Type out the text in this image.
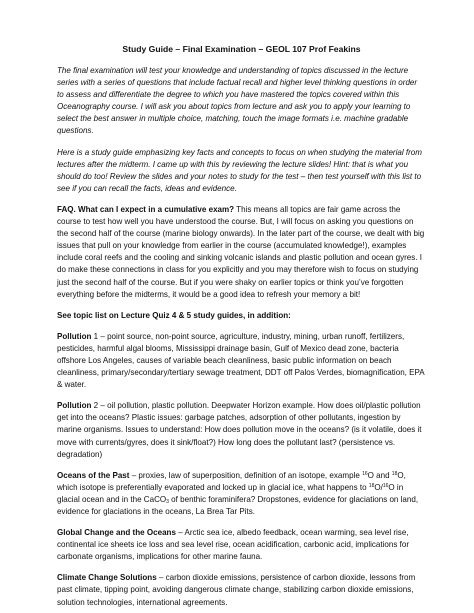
Study Guide – Final Examination – GEOL 107 Prof Feakins

The final examination will test your knowledge and understanding of topics discussed in the lecture series with a series of questions that include factual recall and higher level thinking questions in order to assess and differentiate the degree to which you have mastered the topics covered within this Oceanography course. I will ask you about topics from lecture and ask you to apply your learning to select the best answer in multiple choice, matching, touch the image formats i.e. machine gradable questions.

Here is a study guide emphasizing key facts and concepts to focus on when studying the material from lectures after the midterm. I came up with this by reviewing the lecture slides! Hint: that is what you should do too! Review the slides and your notes to study for the test – then test yourself with this list to see if you can recall the facts, ideas and evidence.

FAQ. What can I expect in a cumulative exam? This means all topics are fair game across the course to test how well you have understood the course. But, I will focus on asking you questions on the second half of the course (marine biology onwards). In the later part of the course, we dealt with big issues that pull on your knowledge from earlier in the course (accumulated knowledge!), examples include coral reefs and the cooling and sinking volcanic islands and plastic pollution and ocean gyres. I do make these connections in class for you explicitly and you may therefore wish to focus on studying just the second half of the course. But if you were shaky on earlier topics or think you’ve forgotten everything before the midterms, it would be a good idea to refresh your memory a bit!

See topic list on Lecture Quiz 4 & 5 study guides, in addition:

Pollution 1 – point source, non-point source, agriculture, industry, mining, urban runoff, fertilizers, pesticides, harmful algal blooms, Mississippi drainage basin, Gulf of Mexico dead zone, bacteria offshore Los Angeles, causes of variable beach cleanliness, basic public information on beach cleanliness, primary/secondary/tertiary sewage treatment, DDT off Palos Verdes, biomagnification, EPA & water.

Pollution 2 – oil pollution, plastic pollution. Deepwater Horizon example. How does oil/plastic pollution get into the oceans? Plastic issues: garbage patches, adsorption of other pollutants, ingestion by marine organisms. Issues to understand: How does pollution move in the oceans? (is it volatile, does it move with currents/gyres, does it sink/float?) How long does the pollutant last? (persistence vs. degradation)

Oceans of the Past – proxies, law of superposition, definition of an isotope, example $^{16}$O and $^{18}$O, which isotope is preferentially evaporated and locked up in glacial ice, what happens to $^{18}$O/$^{16}$O in glacial ocean and in the CaCO$_3$ of benthic foraminifera? Dropstones, evidence for glaciations on land, evidence for glaciations in the oceans, La Brea Tar Pits.

Global Change and the Oceans – Arctic sea ice, albedo feedback, ocean warming, sea level rise, continental ice sheets ice loss and sea level rise, ocean acidification, carbonic acid, implications for carbonate organisms, implications for other marine fauna.

Climate Change Solutions – carbon dioxide emissions, persistence of carbon dioxide, lessons from past climate, tipping point, avoiding dangerous climate change, stabilizing carbon dioxide emissions, solution technologies, international agreements.
